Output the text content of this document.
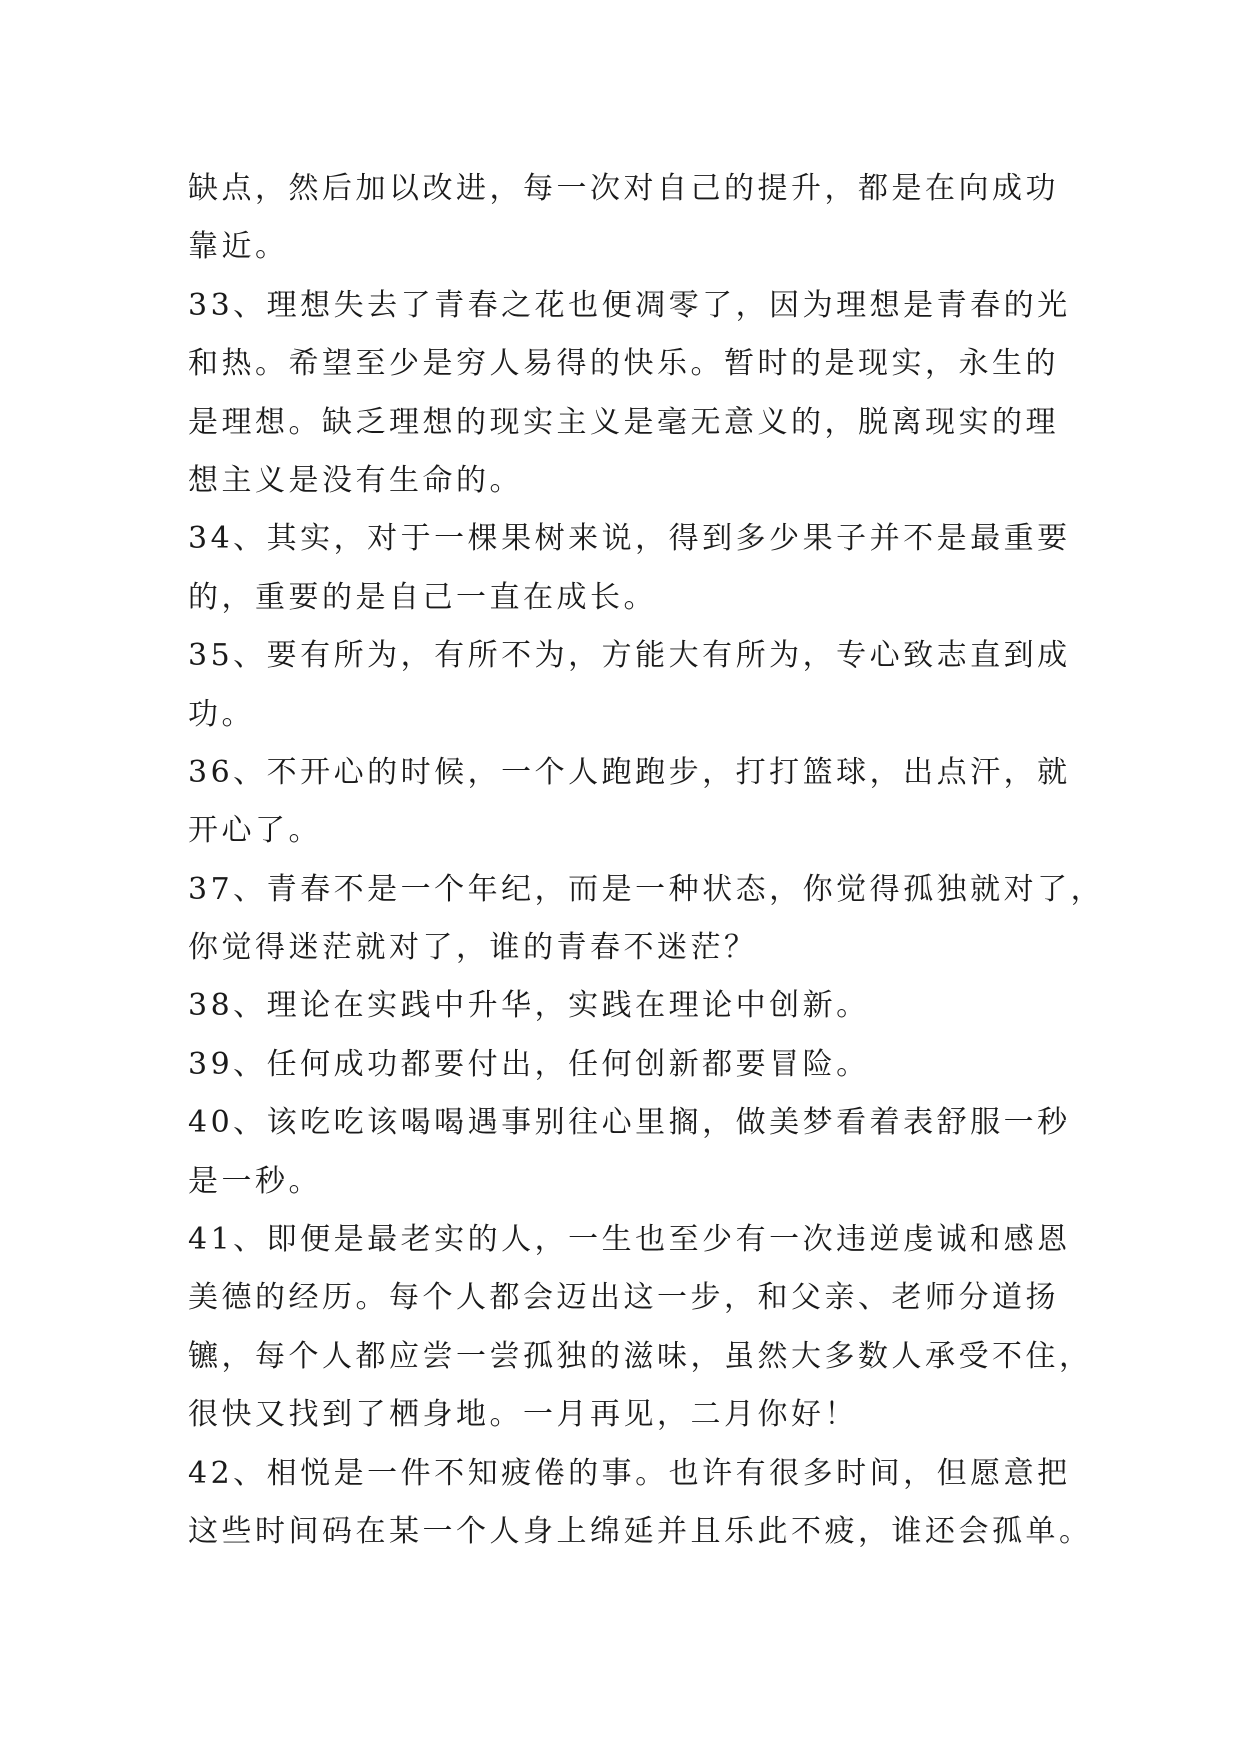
缺点，然后加以改进，每一次对自己的提升，都是在向成功
靠近。
33、理想失去了青春之花也便凋零了，因为理想是青春的光
和热。希望至少是穷人易得的快乐。暂时的是现实，永生的
是理想。缺乏理想的现实主义是毫无意义的，脱离现实的理
想主义是没有生命的。
34、其实，对于一棵果树来说，得到多少果子并不是最重要
的，重要的是自己一直在成长。
35、要有所为，有所不为，方能大有所为，专心致志直到成
功。
36、不开心的时候，一个人跑跑步，打打篮球，出点汗，就
开心了。
37、青春不是一个年纪，而是一种状态，你觉得孤独就对了，
你觉得迷茫就对了，谁的青春不迷茫？
38、理论在实践中升华，实践在理论中创新。
39、任何成功都要付出，任何创新都要冒险。
40、该吃吃该喝喝遇事别往心里搁，做美梦看着表舒服一秒
是一秒。
41、即便是最老实的人，一生也至少有一次违逆虔诚和感恩
美德的经历。每个人都会迈出这一步，和父亲、老师分道扬
镳，每个人都应尝一尝孤独的滋味，虽然大多数人承受不住，
很快又找到了栖身地。一月再见，二月你好！
42、相悦是一件不知疲倦的事。也许有很多时间，但愿意把
这些时间码在某一个人身上绵延并且乐此不疲，谁还会孤单。
